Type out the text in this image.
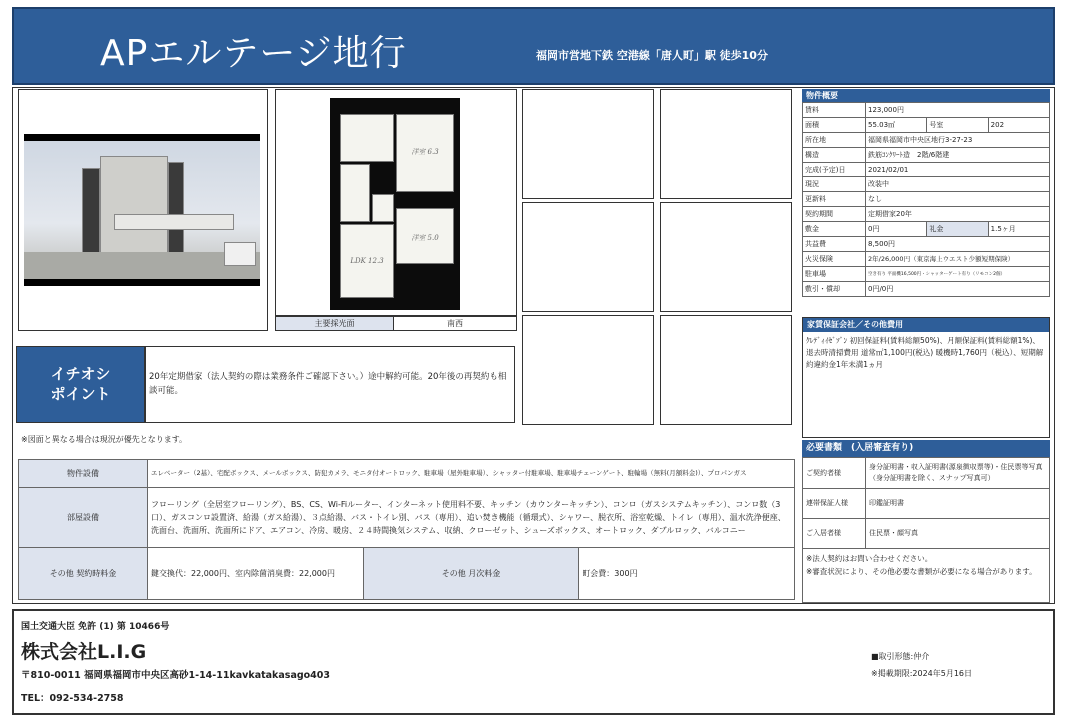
APエルテージ地行	福岡市営地下鉄 空港線「唐人町」駅 徒歩10分
洋室 6.3
洋室 5.0
LDK 12.3
主要採光面	南西
イチオシ
ポイント
20年定期借家（法人契約の際は業務条件ご確認下さい。）途中解約可能。20年後の再契約も相談可能。
※図面と異なる場合は現況が優先となります。
物件概要
賃料	123,000円		
面積	55.03㎡	号室	202
所在地	福岡県福岡市中央区地行3-27-23		
構造	鉄筋ｺﾝｸﾘｰﾄ造　2階/6階建		
完成(予定)日	2021/02/01		
現況	改装中		
更新料	なし		
契約期間	定期借家20年		
敷金	0円	礼金	1.5ヶ月
共益費	8,500円		
火災保険	2年/26,000円（東京海上ウエスト少額短期保険）		
駐車場	空き有り 平面機16,500円・シャッターゲート有り（リモコン2個）		
敷引・償却	0円/0円		
家賃保証会社／その他費用
ｸﾚﾃﾞｨｲｾﾞｿﾞﾝ 初回保証料(賃料総額50%)、月額保証料(賃料総額1%)、退去時清掃費用 道常㎡1,100円(税込) 暖機時1,760円（税込）、短期解約違約金1年未満1ヵ月
必要書類　(入居審査有り)
ご契約者様	身分証明書・収入証明書(源泉徴収票等)・住民票等写真（身分証明書を除く、スナップ写真可）
連帯保証人様	印鑑証明書
ご入居者様	住民票・顔写真
※法人契約はお問い合わせください。
※審査状況により、その他必要な書類が必要になる場合があります。
物件設備	エレベーター（2基）、宅配ボックス、メールボックス、防犯カメラ、モニタ付オートロック、駐車場（屋外駐車場）、シャッター付駐車場、駐車場チェーンゲート、駐輪場（無料(月額料金)）、プロパンガス		
部屋設備	フローリング（全居室フローリング）、BS、CS、Wi-Fiルーター、インターネット使用料不要、キッチン（カウンターキッチン）、コンロ（ガスシステムキッチン）、コンロ数（3口）、ガスコンロ設置済、給湯（ガス給湯）、３点給湯、バス・トイレ別、バス（専用）、追い焚き機能（循環式）、シャワー、脱衣所、浴室乾燥、トイレ（専用）、温水洗浄便座、洗面台、洗面所、洗面所にドア、エアコン、冷房、暖房、２４時間換気システム、収納、クローゼット、シューズボックス、オートロック、ダブルロック、バルコニー		
その他 契約時料金	鍵交換代：22,000円、室内除菌消臭費：22,000円	その他 月次料金	町会費：300円
国土交通大臣 免許 (1) 第 10466号
株式会社L.I.G
〒810-0011 福岡県福岡市中央区高砂1-14-11kavkatakasago403
TEL：092-534-2758
■取引形態:仲介
※掲載期限:2024年5月16日
